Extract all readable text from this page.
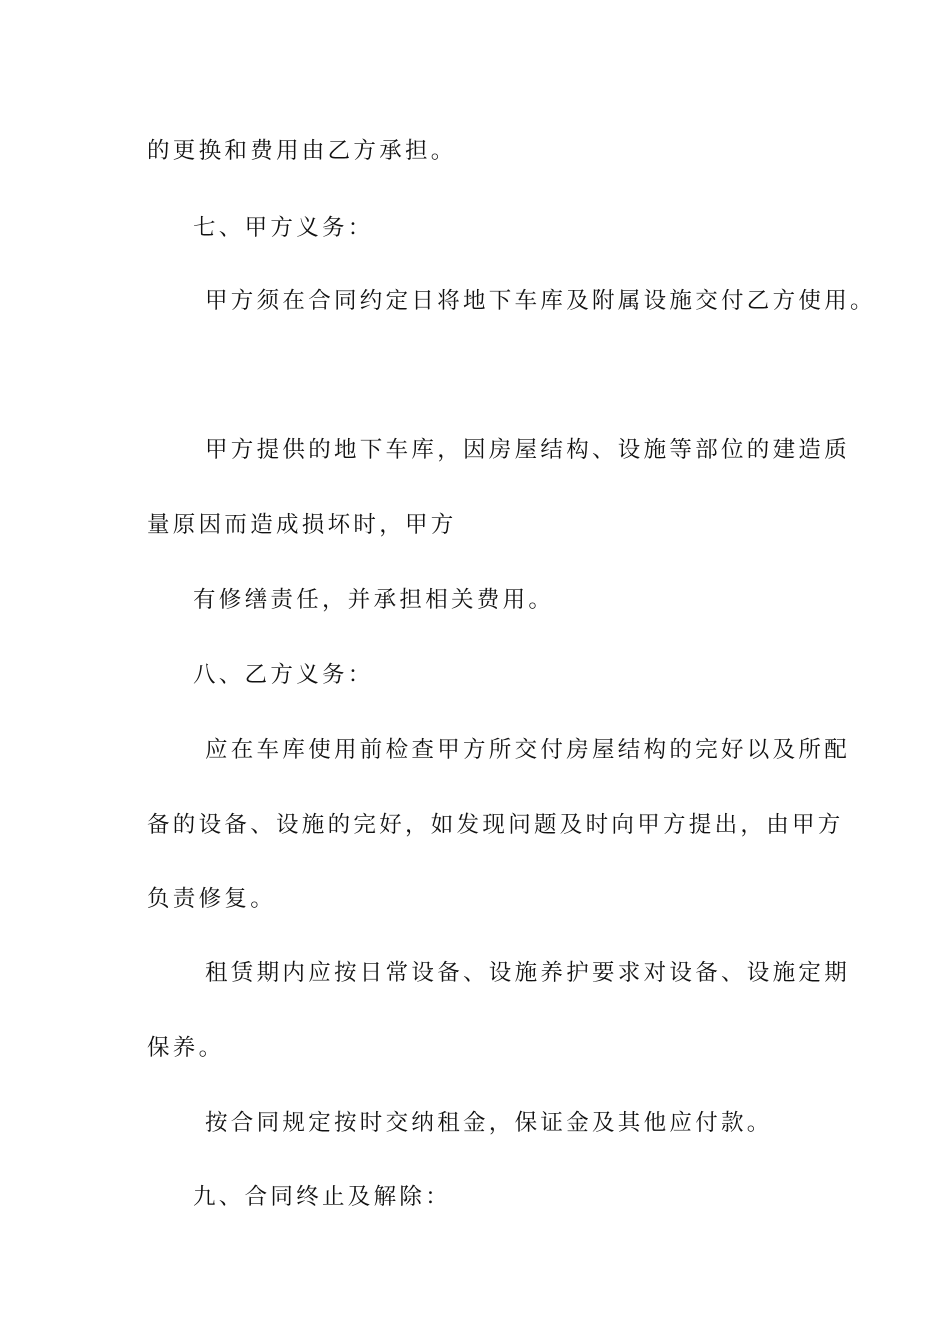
的更换和费用由乙方承担。
七、甲方义务：
甲方须在合同约定日将地下车库及附属设施交付乙方使用。
甲方提供的地下车库，因房屋结构、设施等部位的建造质
量原因而造成损坏时，甲方
有修缮责任，并承担相关费用。
八、乙方义务：
应在车库使用前检查甲方所交付房屋结构的完好以及所配
备的设备、设施的完好，如发现问题及时向甲方提出，由甲方
负责修复。
租赁期内应按日常设备、设施养护要求对设备、设施定期
保养。
按合同规定按时交纳租金，保证金及其他应付款。
九、合同终止及解除：
